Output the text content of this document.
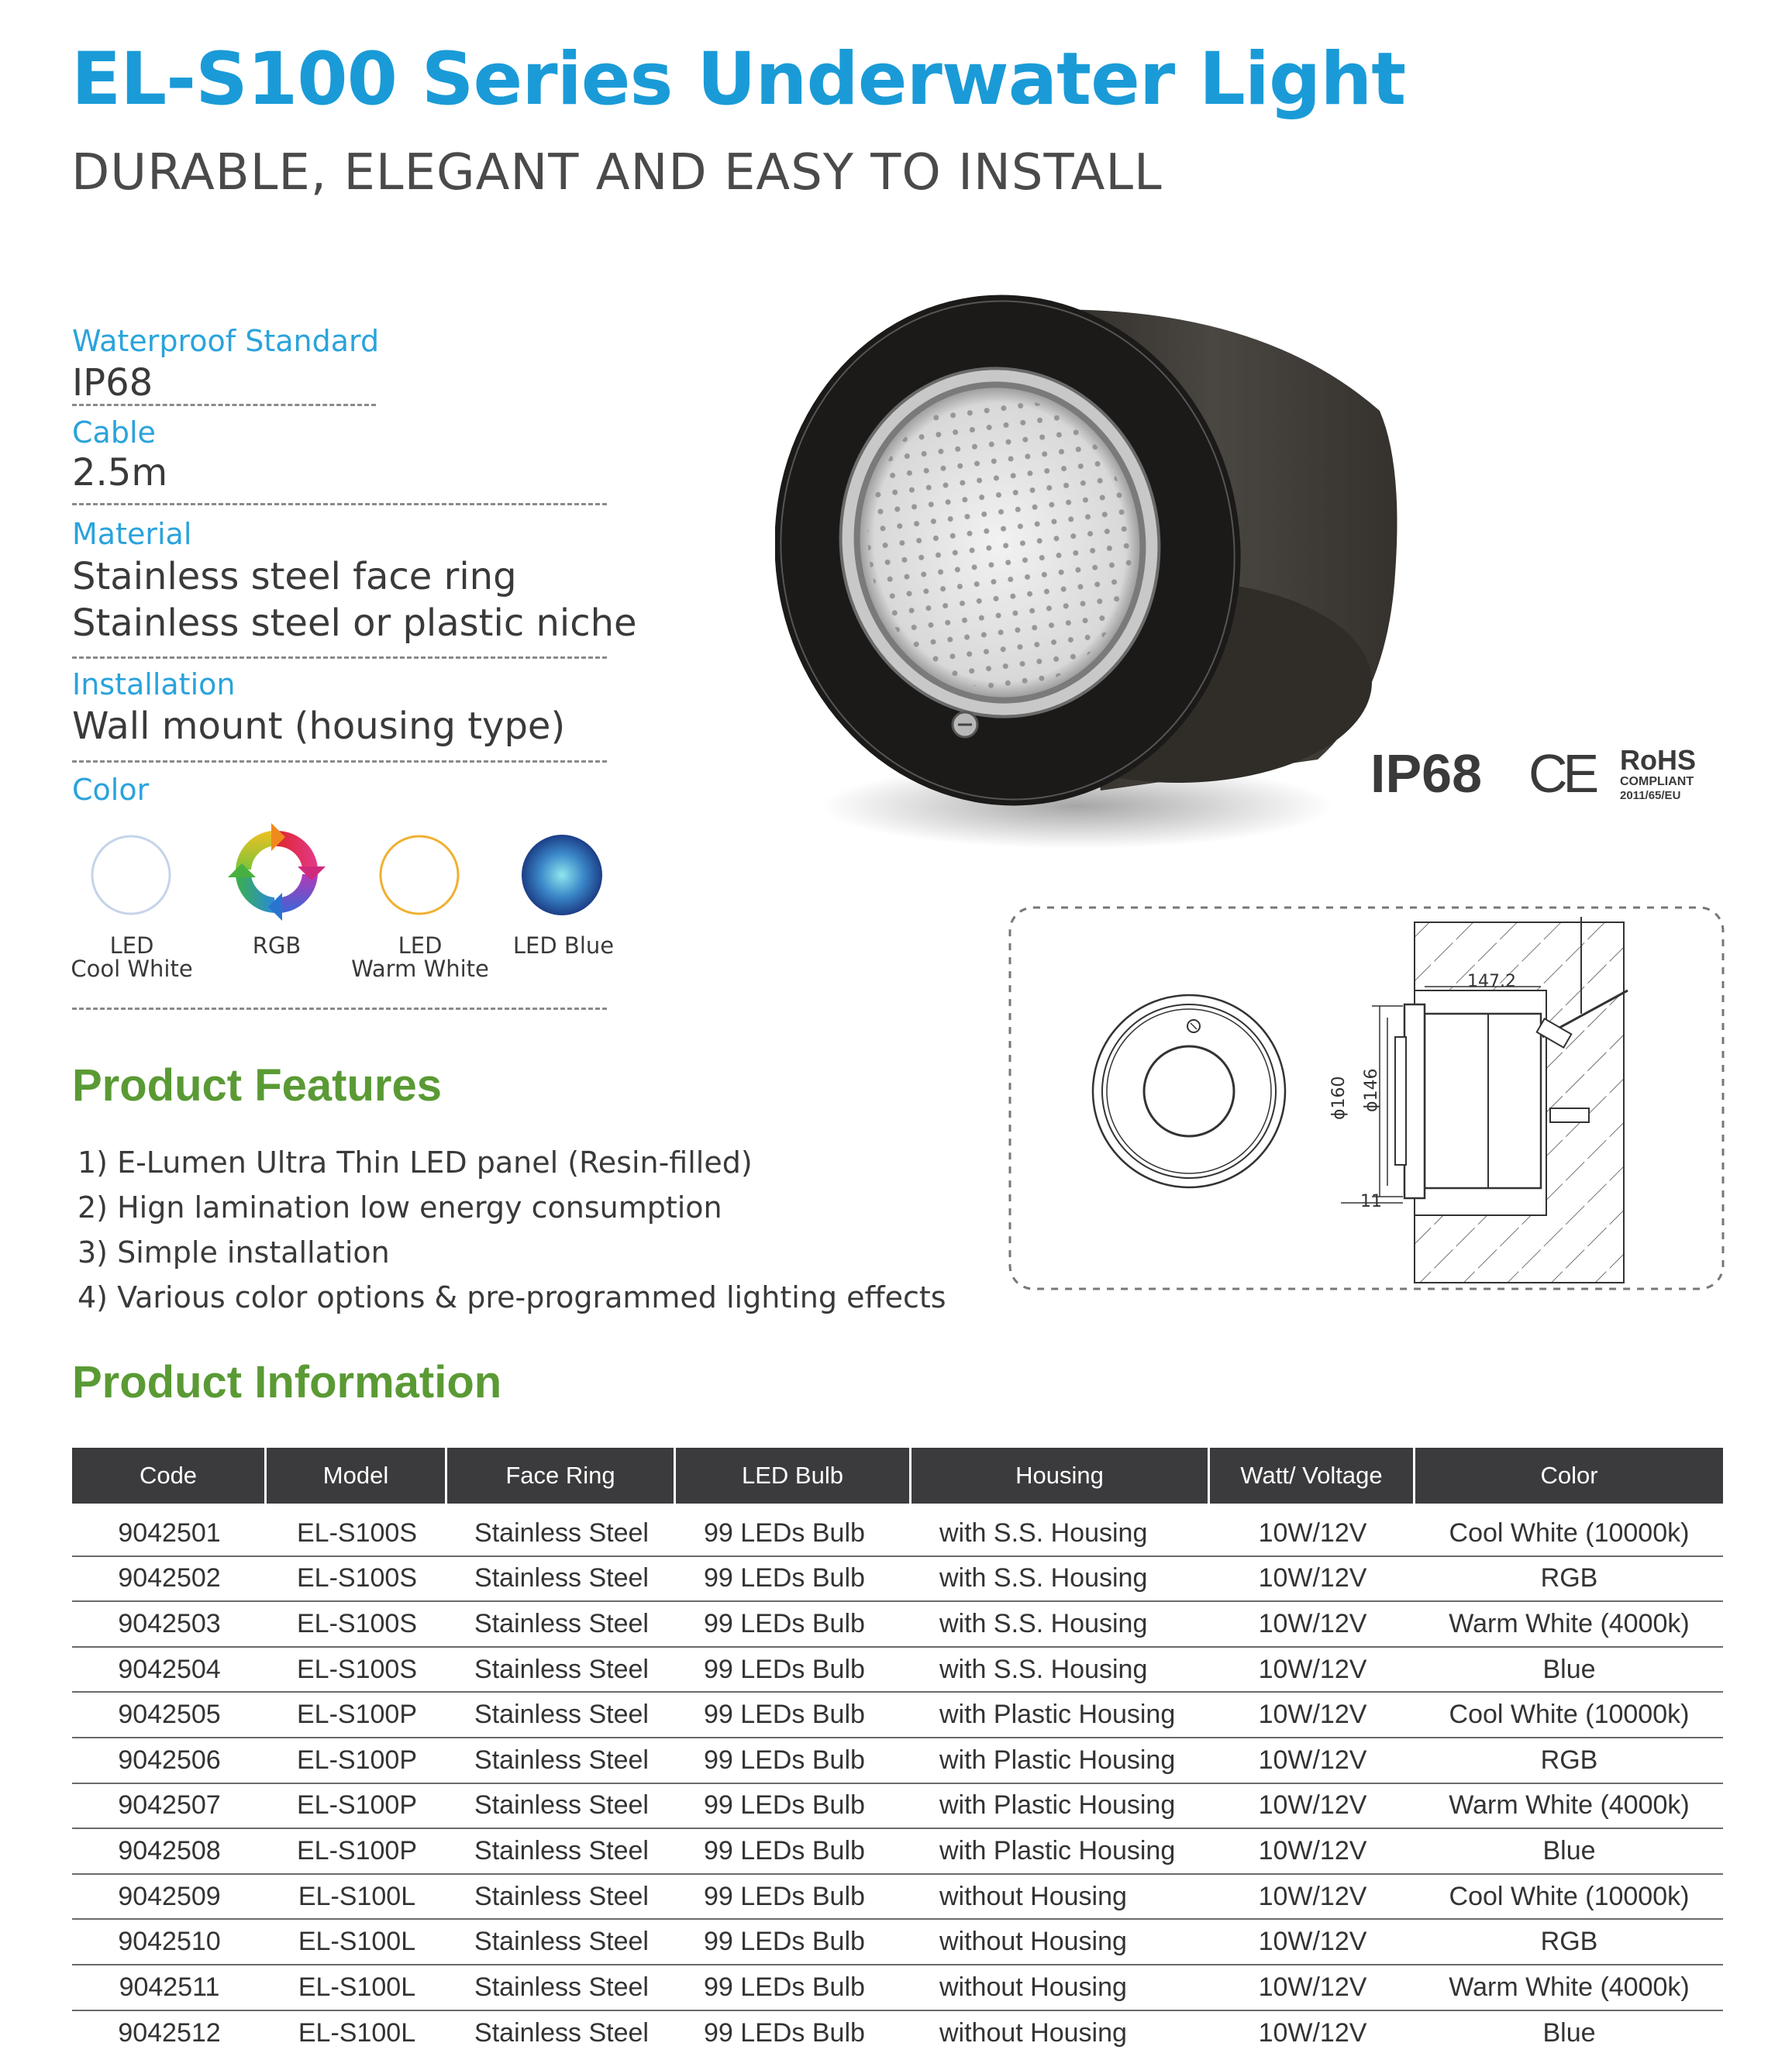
EL-S100 Series Underwater Light
DURABLE, ELEGANT AND EASY TO INSTALL
Waterproof Standard
IP68
Cable
2.5m
Material
Stainless steel face ring
Stainless steel or plastic niche
Installation
Wall mount (housing type)
Color
LED
Cool White
RGB	LED
Warm White
LED Blue
IP68 CE RoHS
COMPLIANT
2011/65/EU
147.2
ϕ160 ϕ146
11
Product Features
1) E-Lumen Ultra Thin LED panel (Resin-filled)
2) Hign lamination low energy consumption
3) Simple installation
4) Various color options & pre-programmed lighting effects
Product Information
Code	Model	Face Ring	LED Bulb	Housing	Watt/ Voltage	Color
9042501	EL-S100S	Stainless Steel	99 LEDs Bulb	with S.S. Housing	10W/12V	Cool White (10000k)
9042502	EL-S100S	Stainless Steel	99 LEDs Bulb	with S.S. Housing	10W/12V	RGB
9042503	EL-S100S	Stainless Steel	99 LEDs Bulb	with S.S. Housing	10W/12V	Warm White (4000k)
9042504	EL-S100S	Stainless Steel	99 LEDs Bulb	with S.S. Housing	10W/12V	Blue
9042505	EL-S100P	Stainless Steel	99 LEDs Bulb	with Plastic Housing	10W/12V	Cool White (10000k)
9042506	EL-S100P	Stainless Steel	99 LEDs Bulb	with Plastic Housing	10W/12V	RGB
9042507	EL-S100P	Stainless Steel	99 LEDs Bulb	with Plastic Housing	10W/12V	Warm White (4000k)
9042508	EL-S100P	Stainless Steel	99 LEDs Bulb	with Plastic Housing	10W/12V	Blue
9042509	EL-S100L	Stainless Steel	99 LEDs Bulb	without Housing	10W/12V	Cool White (10000k)
9042510	EL-S100L	Stainless Steel	99 LEDs Bulb	without Housing	10W/12V	RGB
9042511	EL-S100L	Stainless Steel	99 LEDs Bulb	without Housing	10W/12V	Warm White (4000k)
9042512	EL-S100L	Stainless Steel	99 LEDs Bulb	without Housing	10W/12V	Blue
